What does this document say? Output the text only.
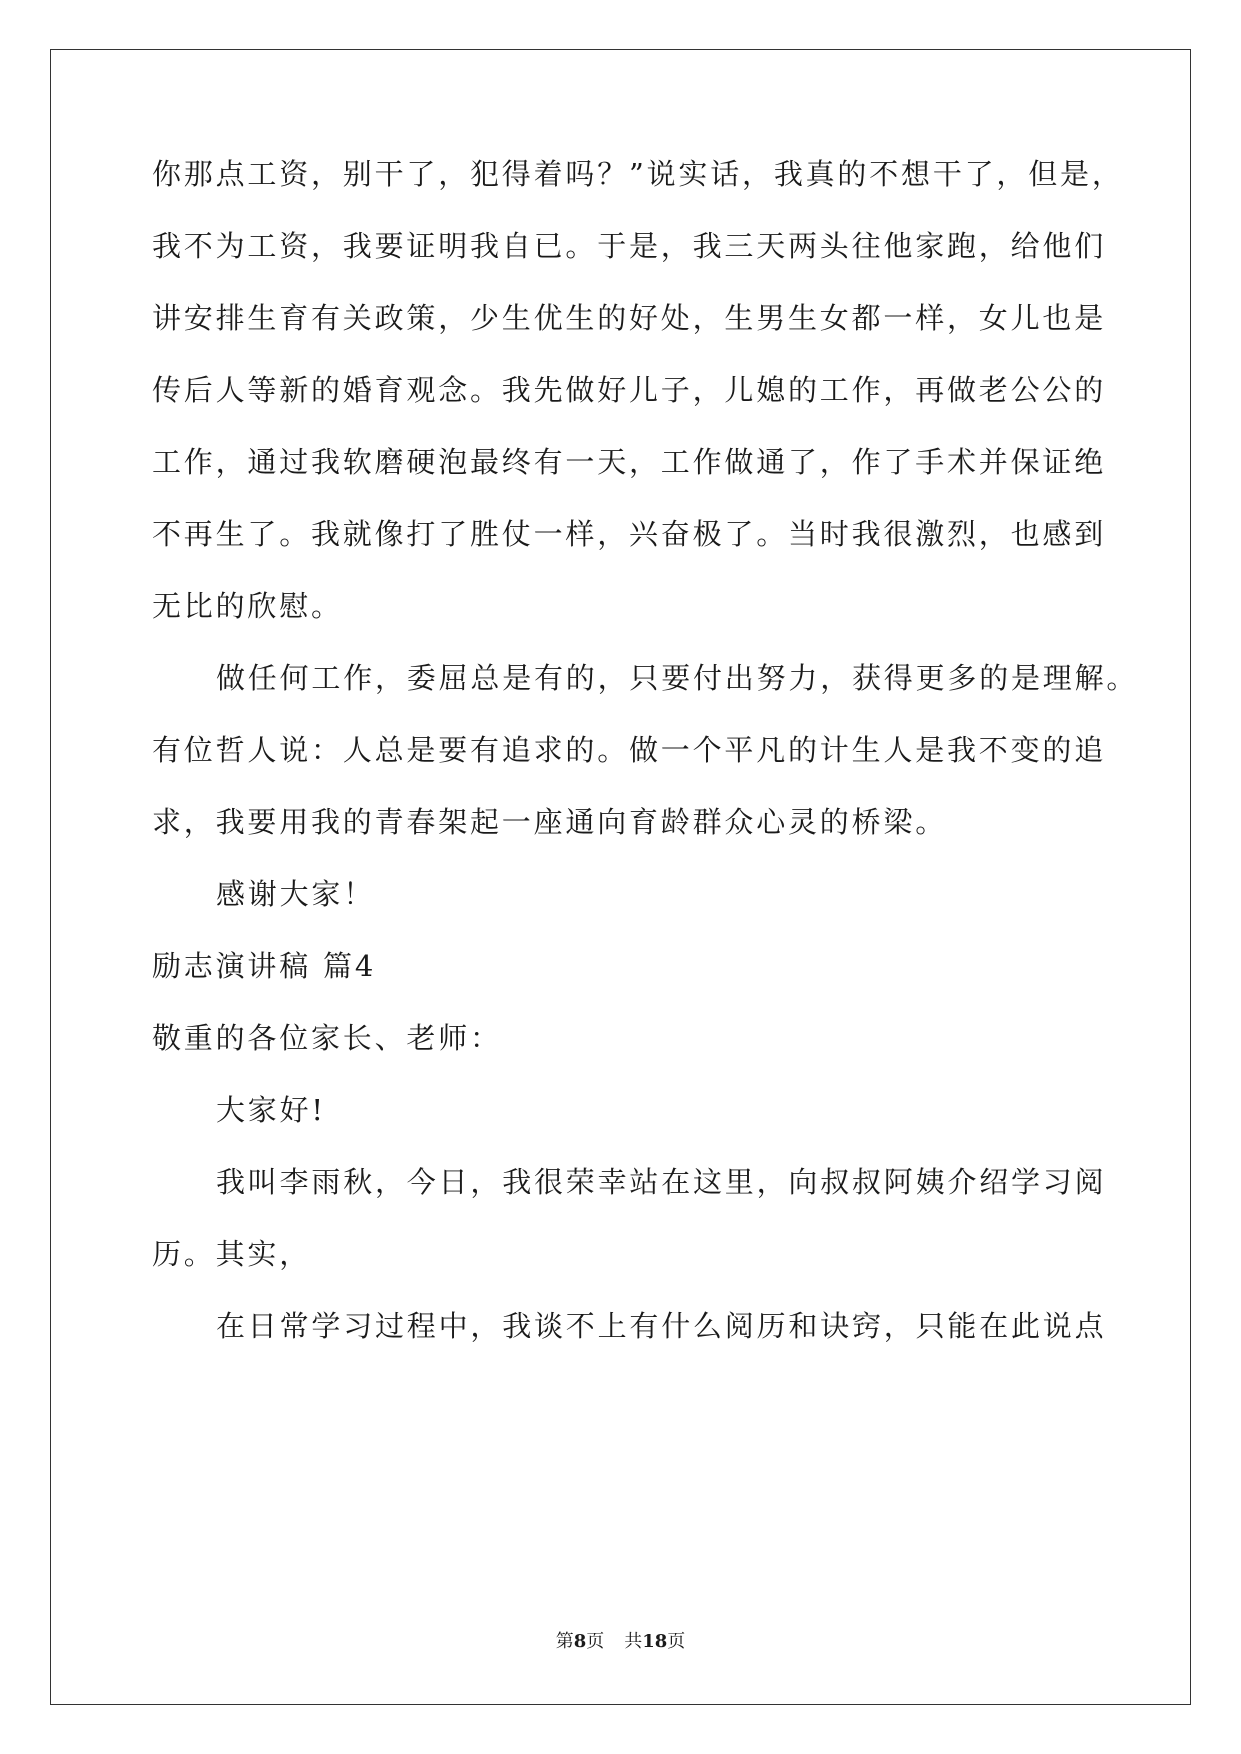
你那点工资，别干了，犯得着吗？”说实话，我真的不想干了，但是，
我不为工资，我要证明我自已。于是，我三天两头往他家跑，给他们
讲安排生育有关政策，少生优生的好处，生男生女都一样，女儿也是
传后人等新的婚育观念。我先做好儿子，儿媳的工作，再做老公公的
工作，通过我软磨硬泡最终有一天，工作做通了，作了手术并保证绝
不再生了。我就像打了胜仗一样，兴奋极了。当时我很激烈，也感到
无比的欣慰。
做任何工作，委屈总是有的，只要付出努力，获得更多的是理解。
有位哲人说：人总是要有追求的。做一个平凡的计生人是我不变的追
求，我要用我的青春架起一座通向育龄群众心灵的桥梁。
感谢大家！
励志演讲稿 篇4
敬重的各位家长、老师：
大家好!
我叫李雨秋，今日，我很荣幸站在这里，向叔叔阿姨介绍学习阅
历。其实，
在日常学习过程中，我谈不上有什么阅历和诀窍，只能在此说点
第8页 共18页
